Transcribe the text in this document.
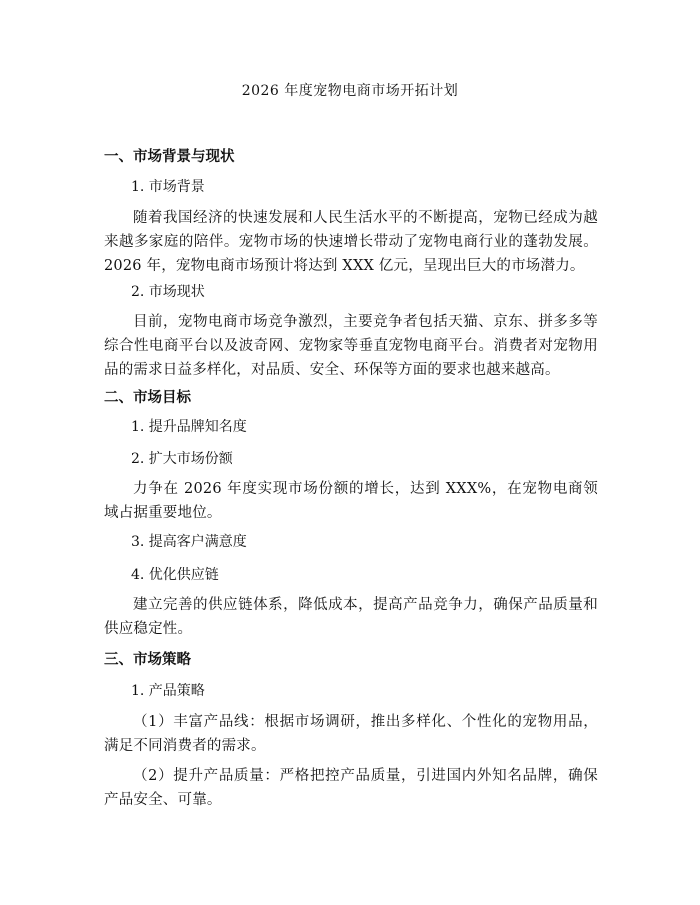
2026 年度宠物电商市场开拓计划
一、市场背景与现状
1. 市场背景
随着我国经济的快速发展和人民生活水平的不断提高，宠物已经成为越来越多家庭的陪伴。宠物市场的快速增长带动了宠物电商行业的蓬勃发展。2026 年，宠物电商市场预计将达到 XXX 亿元，呈现出巨大的市场潜力。
2. 市场现状
目前，宠物电商市场竞争激烈，主要竞争者包括天猫、京东、拼多多等综合性电商平台以及波奇网、宠物家等垂直宠物电商平台。消费者对宠物用品的需求日益多样化，对品质、安全、环保等方面的要求也越来越高。
二、市场目标
1. 提升品牌知名度
2. 扩大市场份额
力争在 2026 年度实现市场份额的增长，达到 XXX%，在宠物电商领域占据重要地位。
3. 提高客户满意度
4. 优化供应链
建立完善的供应链体系，降低成本，提高产品竞争力，确保产品质量和供应稳定性。
三、市场策略
1. 产品策略
（1）丰富产品线：根据市场调研，推出多样化、个性化的宠物用品，满足不同消费者的需求。
（2）提升产品质量：严格把控产品质量，引进国内外知名品牌，确保产品安全、可靠。
